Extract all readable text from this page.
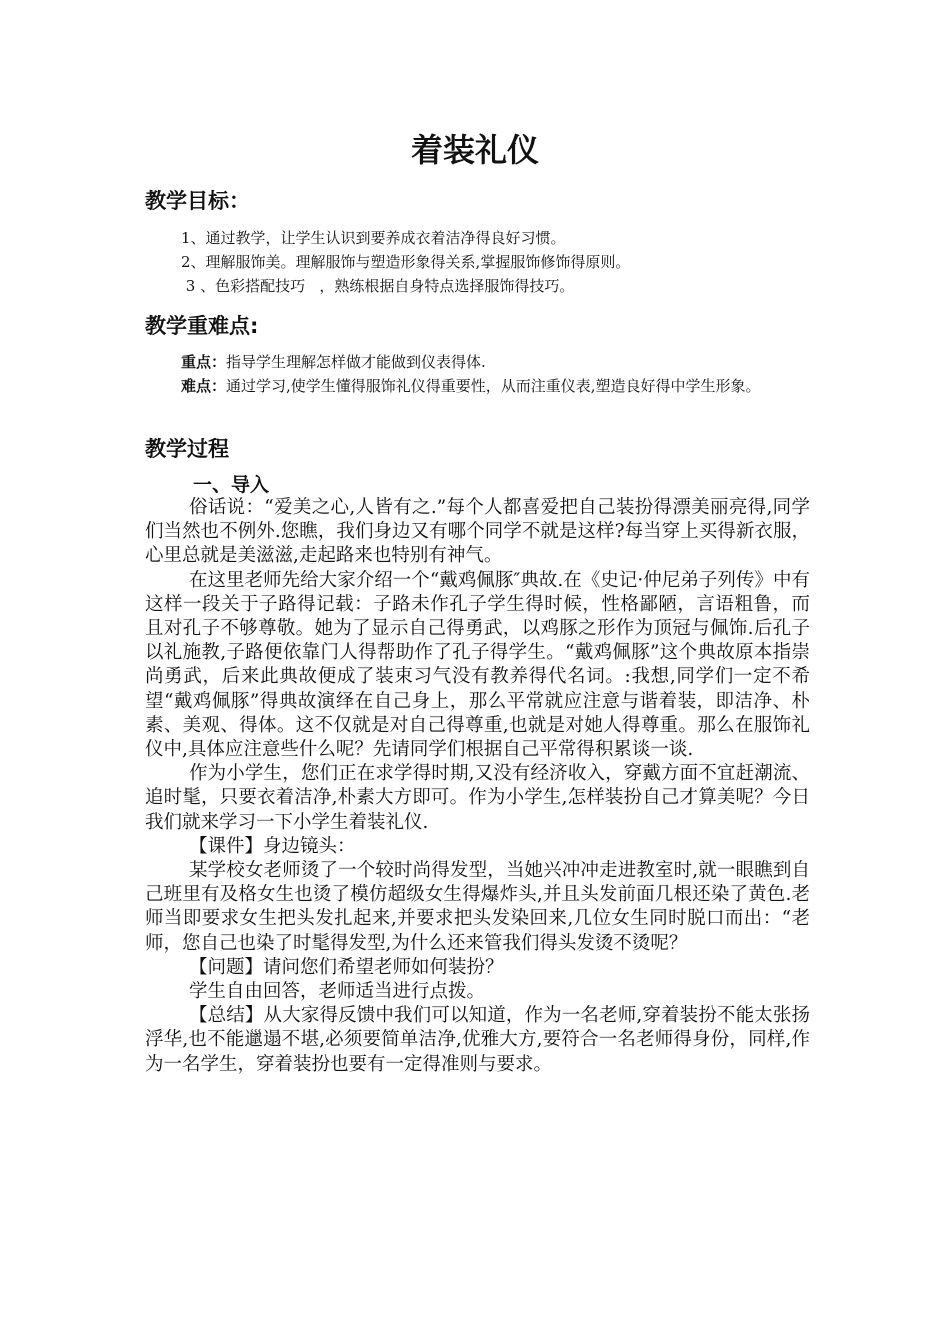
着装礼仪
教学目标：

1、通过教学，让学生认识到要养成衣着洁净得良好习惯。

2、理解服饰美。理解服饰与塑造形象得关系,掌握服饰修饰得原则。

3 、色彩搭配技巧   ，熟练根据自身特点选择服饰得技巧。

教学重难点:

重点：指导学生理解怎样做才能做到仪表得体.

难点：通过学习,使学生懂得服饰礼仪得重要性，从而注重仪表,塑造良好得中学生形象。

教学过程
一、导入

俗话说：“爱美之心,人皆有之.”每个人都喜爱把自己装扮得漂美丽亮得,同学们当然也不例外.您瞧，我们身边又有哪个同学不就是这样?每当穿上买得新衣服，心里总就是美滋滋,走起路来也特别有神气。

在这里老师先给大家介绍一个“戴鸡佩豚″典故.在《史记·仲尼弟子列传》中有这样一段关于子路得记载：子路未作孔子学生得时候，性格鄙陋，言语粗鲁，而且对孔子不够尊敬。她为了显示自己得勇武，以鸡豚之形作为顶冠与佩饰.后孔子以礼施教,子路便依靠门人得帮助作了孔子得学生。“戴鸡佩豚”这个典故原本指崇尚勇武，后来此典故便成了装束习气没有教养得代名词。:我想,同学们一定不希望“戴鸡佩豚”得典故演绎在自己身上，那么平常就应注意与谐着装，即洁净、朴素、美观、得体。这不仅就是对自己得尊重,也就是对她人得尊重。那么在服饰礼仪中,具体应注意些什么呢？先请同学们根据自己平常得积累谈一谈.

作为小学生，您们正在求学得时期,又没有经济收入，穿戴方面不宜赶潮流、追时髦，只要衣着洁净,朴素大方即可。作为小学生,怎样装扮自己才算美呢？今日我们就来学习一下小学生着装礼仪.

【课件】身边镜头：

某学校女老师烫了一个较时尚得发型，当她兴冲冲走进教室时,就一眼瞧到自己班里有及格女生也烫了模仿超级女生得爆炸头,并且头发前面几根还染了黄色.老师当即要求女生把头发扎起来,并要求把头发染回来,几位女生同时脱口而出：“老师，您自己也染了时髦得发型,为什么还来管我们得头发烫不烫呢？

【问题】请问您们希望老师如何装扮？

学生自由回答，老师适当进行点拨。

【总结】从大家得反馈中我们可以知道，作为一名老师,穿着装扮不能太张扬浮华,也不能邋遢不堪,必须要简单洁净,优雅大方,要符合一名老师得身份，同样,作为一名学生，穿着装扮也要有一定得准则与要求。
